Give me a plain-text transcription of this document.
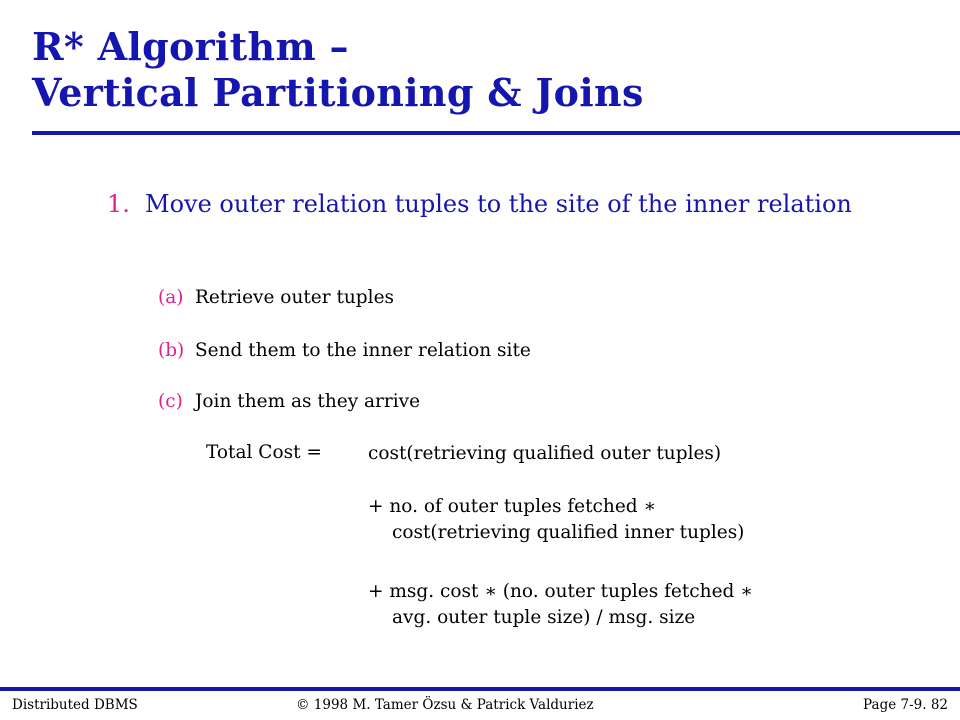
R* Algorithm –
Vertical Partitioning & Joins
1. Move outer relation tuples to the site of the inner relation
(a) Retrieve outer tuples
(b) Send them to the inner relation site
(c) Join them as they arrive
Total Cost = cost(retrieving qualified outer tuples)
+ no. of outer tuples fetched ∗
cost(retrieving qualified inner tuples)
+ msg. cost ∗ (no. outer tuples fetched ∗
avg. outer tuple size) / msg. size
Distributed DBMS	© 1998 M. Tamer Özsu & Patrick Valduriez	Page 7-9. 82
